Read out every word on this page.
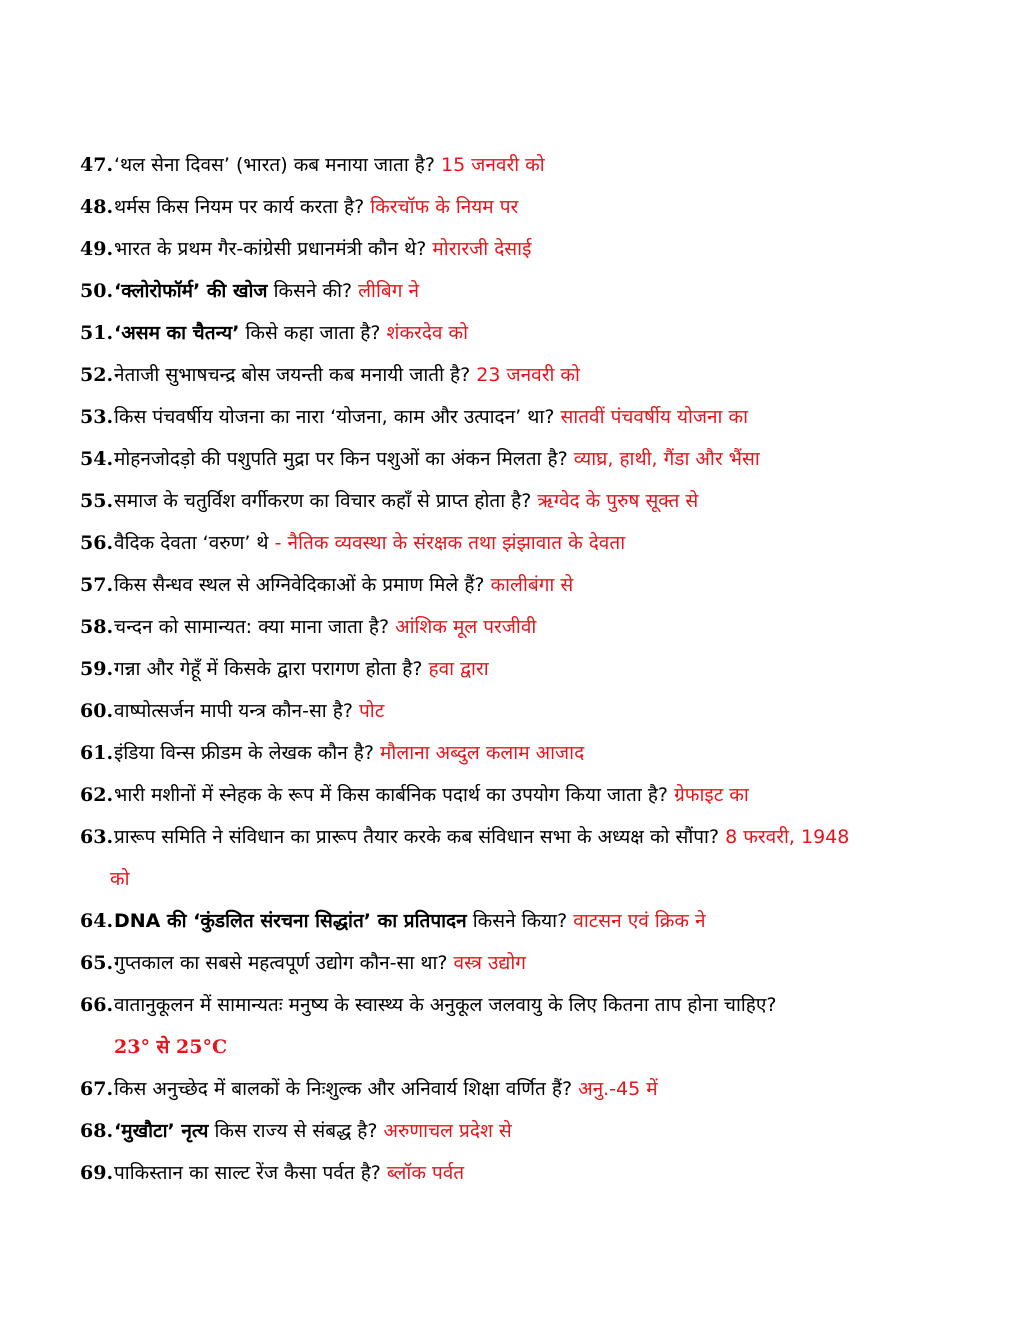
47. ‘थल सेना दिवस’ (भारत) कब मनाया जाता है? 15 जनवरी को
48. थर्मस किस नियम पर कार्य करता है? किरचॉफ के नियम पर
49. भारत के प्रथम गैर-कांग्रेसी प्रधानमंत्री कौन थे? मोरारजी देसाई
50. ‘क्लोरोफॉर्म’ की खोज किसने की? लीबिग ने
51. ‘असम का चैतन्य’ किसे कहा जाता है? शंकरदेव को
52. नेताजी सुभाषचन्द्र बोस जयन्ती कब मनायी जाती है? 23 जनवरी को
53. किस पंचवर्षीय योजना का नारा ‘योजना, काम और उत्पादन’ था? सातवीं पंचवर्षीय योजना का
54. मोहनजोदड़ो की पशुपति मुद्रा पर किन पशुओं का अंकन मिलता है? व्याघ्र, हाथी, गैंडा और भैंसा
55. समाज के चतुर्विश वर्गीकरण का विचार कहाँ से प्राप्त होता है? ऋग्वेद के पुरुष सूक्त से
56. वैदिक देवता ‘वरुण’ थे - नैतिक व्यवस्था के संरक्षक तथा झंझावात के देवता
57. किस सैन्धव स्थल से अग्निवेदिकाओं के प्रमाण मिले हैं? कालीबंगा से
58. चन्दन को सामान्यत: क्या माना जाता है? आंशिक मूल परजीवी
59. गन्ना और गेहूँ में किसके द्वारा परागण होता है? हवा द्वारा
60. वाष्पोत्सर्जन मापी यन्त्र कौन-सा है? पोट
61. इंडिया विन्स फ्रीडम के लेखक कौन है? मौलाना अब्दुल कलाम आजाद
62. भारी मशीनों में स्नेहक के रूप में किस कार्बनिक पदार्थ का उपयोग किया जाता है? ग्रेफाइट का
63. प्रारूप समिति ने संविधान का प्रारूप तैयार करके कब संविधान सभा के अध्यक्ष को सौंपा? 8 फरवरी, 1948
को
64. DNA की ‘कुंडलित संरचना सिद्धांत’ का प्रतिपादन किसने किया? वाटसन एवं क्रिक ने
65. गुप्तकाल का सबसे महत्वपूर्ण उद्योग कौन-सा था? वस्त्र उद्योग
66. वातानुकूलन में सामान्यतः मनुष्य के स्वास्थ्य के अनुकूल जलवायु के लिए कितना ताप होना चाहिए?
23° से 25°C
67. किस अनुच्छेद में बालकों के निःशुल्क और अनिवार्य शिक्षा वर्णित हैं? अनु.-45 में
68. ‘मुखौटा’ नृत्य किस राज्य से संबद्ध है? अरुणाचल प्रदेश से
69. पाकिस्तान का साल्ट रेंज कैसा पर्वत है? ब्लॉक पर्वत
